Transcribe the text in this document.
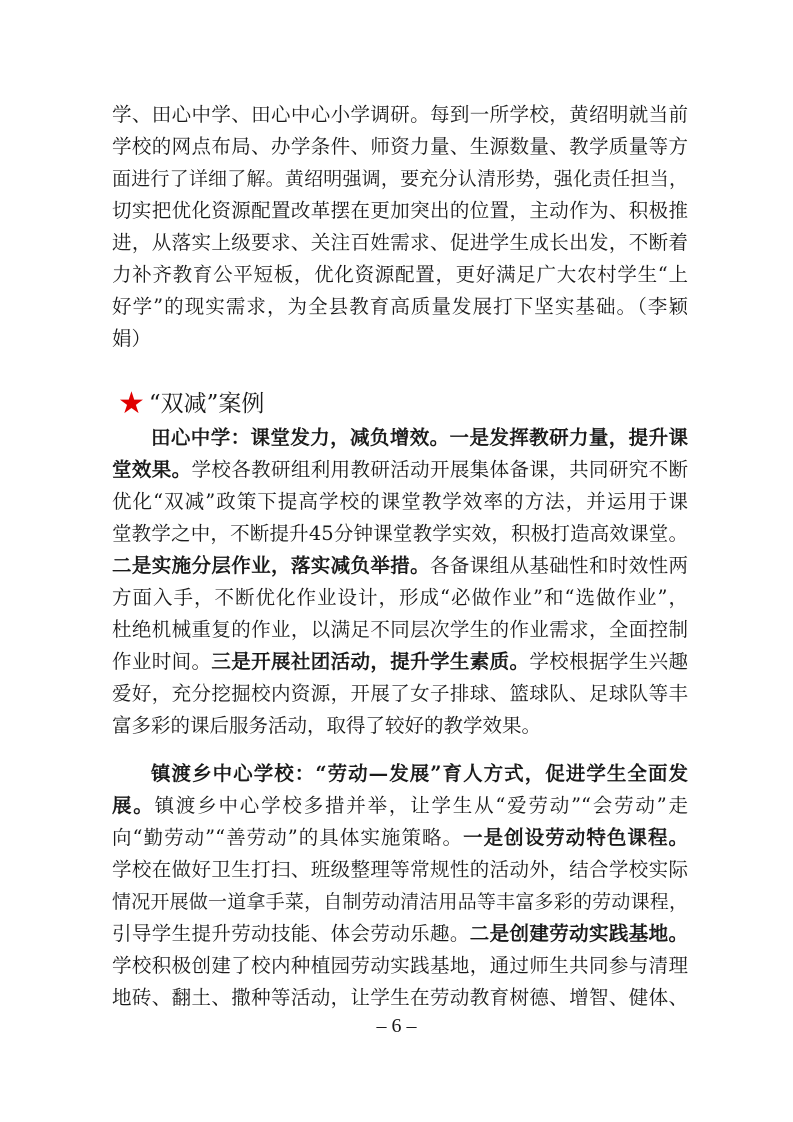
学、田心中学、田心中心小学调研。每到一所学校，黄绍明就当前
学校的网点布局、办学条件、师资力量、生源数量、教学质量等方
面进行了详细了解。黄绍明强调，要充分认清形势，强化责任担当，
切实把优化资源配置改革摆在更加突出的位置，主动作为、积极推
进，从落实上级要求、关注百姓需求、促进学生成长出发，不断着
力补齐教育公平短板，优化资源配置，更好满足广大农村学生“上
好学”的现实需求，为全县教育高质量发展打下坚实基础。（李颖
娟）
★ “双减”案例
田心中学：课堂发力，减负增效。一是发挥教研力量，提升课
堂效果。学校各教研组利用教研活动开展集体备课，共同研究不断
优化“双减”政策下提高学校的课堂教学效率的方法，并运用于课
堂教学之中，不断提升45分钟课堂教学实效，积极打造高效课堂。
二是实施分层作业，落实减负举措。各备课组从基础性和时效性两
方面入手，不断优化作业设计，形成“必做作业”和“选做作业”，
杜绝机械重复的作业，以满足不同层次学生的作业需求，全面控制
作业时间。三是开展社团活动，提升学生素质。学校根据学生兴趣
爱好，充分挖掘校内资源，开展了女子排球、篮球队、足球队等丰
富多彩的课后服务活动，取得了较好的教学效果。
镇渡乡中心学校：“劳动—发展”育人方式，促进学生全面发
展。镇渡乡中心学校多措并举，让学生从“爱劳动”“会劳动”走
向“勤劳动”“善劳动”的具体实施策略。一是创设劳动特色课程。
学校在做好卫生打扫、班级整理等常规性的活动外，结合学校实际
情况开展做一道拿手菜，自制劳动清洁用品等丰富多彩的劳动课程，
引导学生提升劳动技能、体会劳动乐趣。二是创建劳动实践基地。
学校积极创建了校内种植园劳动实践基地，通过师生共同参与清理
地砖、翻土、撒种等活动，让学生在劳动教育树德、增智、健体、
– 6 –
